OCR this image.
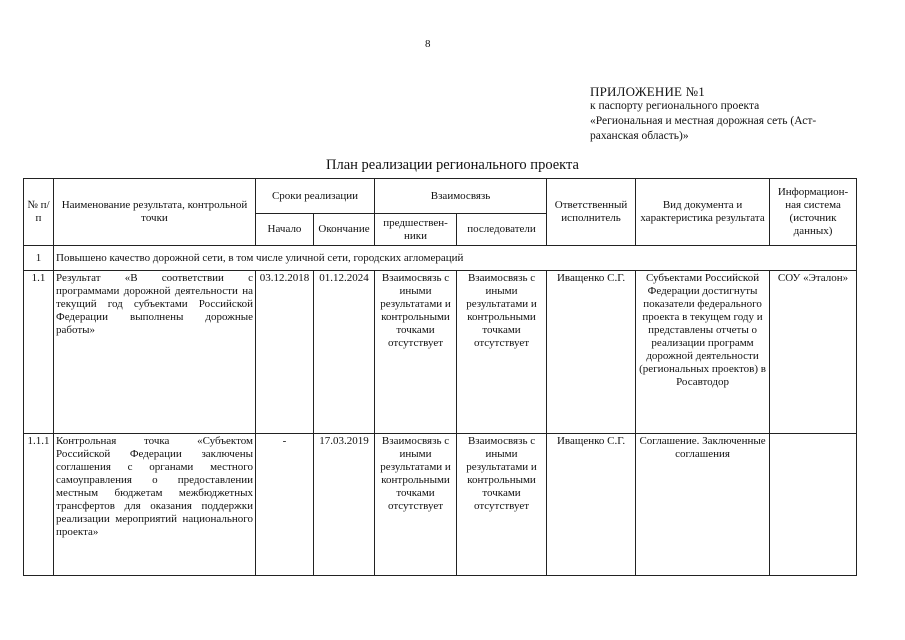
8
ПРИЛОЖЕНИЕ №1
к паспорту регионального проекта
«Региональная и местная дорожная сеть (Аст-
раханская область)»
План реализации регионального проекта
№ п/п	Наименование результата, контрольной точки	Сроки реализации		Взаимосвязь		Ответственный исполнитель	Вид документа и характеристика результата	Информацион-ная система (источник данных)
		Начало	Окончание	предшествен-ники	последователи			
1	Повышено качество дорожной сети, в том числе уличной сети, городских агломераций							
1.1	Результат «В соответствии с программами дорожной деятельности на текущий год субъектами Российской Федерации выполнены дорожные работы»	03.12.2018	01.12.2024	Взаимосвязь с иными результатами и контрольными точками отсутствует	Взаимосвязь с иными результатами и контрольными точками отсутствует	Иващенко С.Г.	Субъектами Российской Федерации достигнуты показатели федерального проекта в текущем году и представлены отчеты о реализации программ дорожной деятельности (региональных проектов) в Росавтодор	СОУ «Эталон»
1.1.1	Контрольная точка «Субъектом Российской Федерации заключены соглашения с органами местного самоуправления о предоставлении местным бюджетам межбюджетных трансфертов для оказания поддержки реализации мероприятий национального проекта»	-	17.03.2019	Взаимосвязь с иными результатами и контрольными точками отсутствует	Взаимосвязь с иными результатами и контрольными точками отсутствует	Иващенко С.Г.	Соглашение. Заключенные соглашения	
